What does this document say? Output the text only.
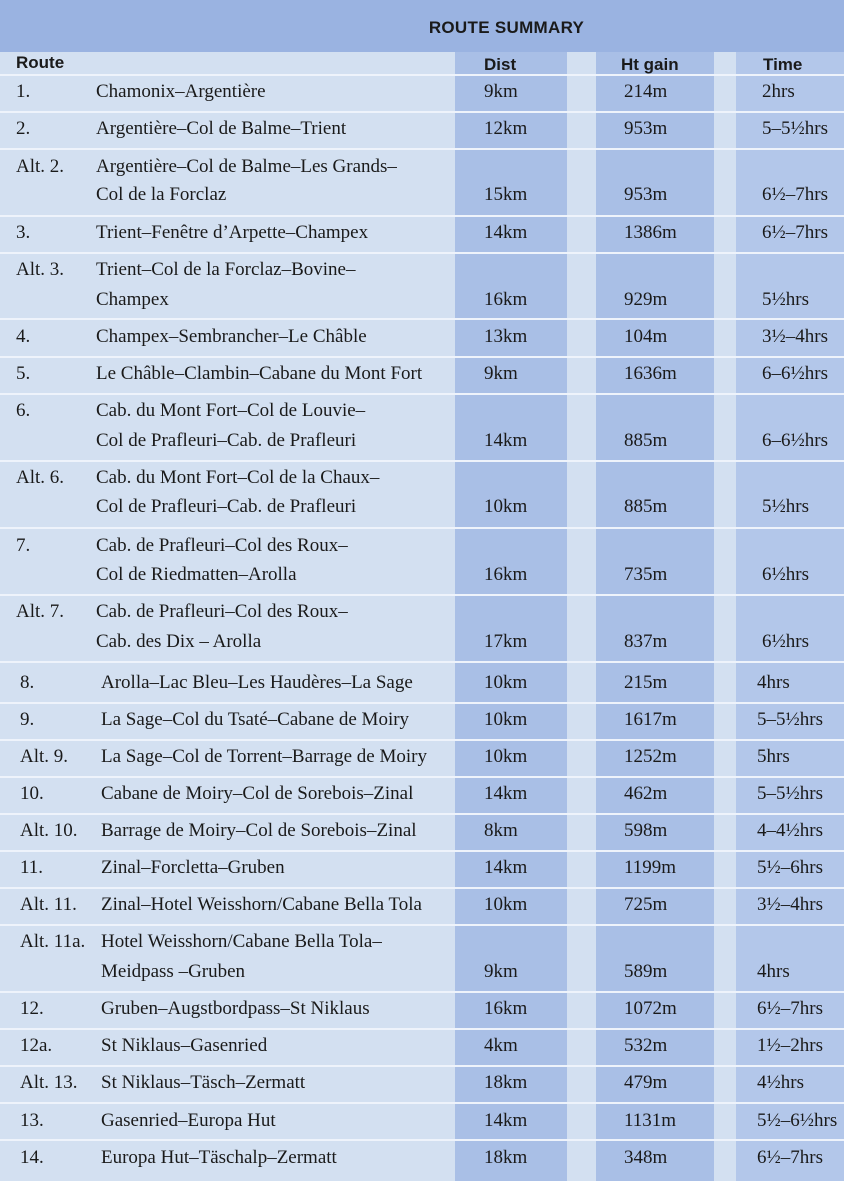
ROUTE SUMMARY
Route	Dist	Ht gain	Time
1.	Chamonix–Argentière	9km	214m	2hrs
2.	Argentière–Col de Balme–Trient	12km	953m	5–5½hrs
Alt. 2. Argentière–Col de Balme–Les Grands–
Col de la Forclaz	15km	953m	6½–7hrs
3.	Trient–Fenêtre d’Arpette–Champex	14km	1386m	6½–7hrs
Alt. 3. Trient–Col de la Forclaz–Bovine–
Champex	16km	929m	5½hrs
4.	Champex–Sembrancher–Le Châble	13km	104m	3½–4hrs
5.	Le Châble–Clambin–Cabane du Mont Fort	9km	1636m	6–6½hrs
6.	Cab. du Mont Fort–Col de Louvie–
Col de Prafleuri–Cab. de Prafleuri	14km	885m	6–6½hrs
Alt. 6. Cab. du Mont Fort–Col de la Chaux–
Col de Prafleuri–Cab. de Prafleuri	10km	885m	5½hrs
7.	Cab. de Prafleuri–Col des Roux–
Col de Riedmatten–Arolla	16km	735m	6½hrs
Alt. 7. Cab. de Prafleuri–Col des Roux–
Cab. des Dix – Arolla	17km	837m	6½hrs
8.	Arolla–Lac Bleu–Les Haudères–La Sage	10km	215m	4hrs
9.	La Sage–Col du Tsaté–Cabane de Moiry	10km	1617m	5–5½hrs
Alt. 9. La Sage–Col de Torrent–Barrage de Moiry	10km	1252m	5hrs
10.	Cabane de Moiry–Col de Sorebois–Zinal	14km	462m	5–5½hrs
Alt. 10. Barrage de Moiry–Col de Sorebois–Zinal	8km	598m	4–4½hrs
11.	Zinal–Forcletta–Gruben	14km	1199m	5½–6hrs
Alt. 11. Zinal–Hotel Weisshorn/Cabane Bella Tola	10km	725m	3½–4hrs
Alt. 11a. Hotel Weisshorn/Cabane Bella Tola–
Meidpass –Gruben	9km	589m	4hrs
12.	Gruben–Augstbordpass–St Niklaus	16km	1072m	6½–7hrs
12a.	St Niklaus–Gasenried	4km	532m	1½–2hrs
Alt. 13. St Niklaus–Täsch–Zermatt	18km	479m	4½hrs
13.	Gasenried–Europa Hut	14km	1131m	5½–6½hrs
14.	Europa Hut–Täschalp–Zermatt	18km	348m	6½–7hrs
